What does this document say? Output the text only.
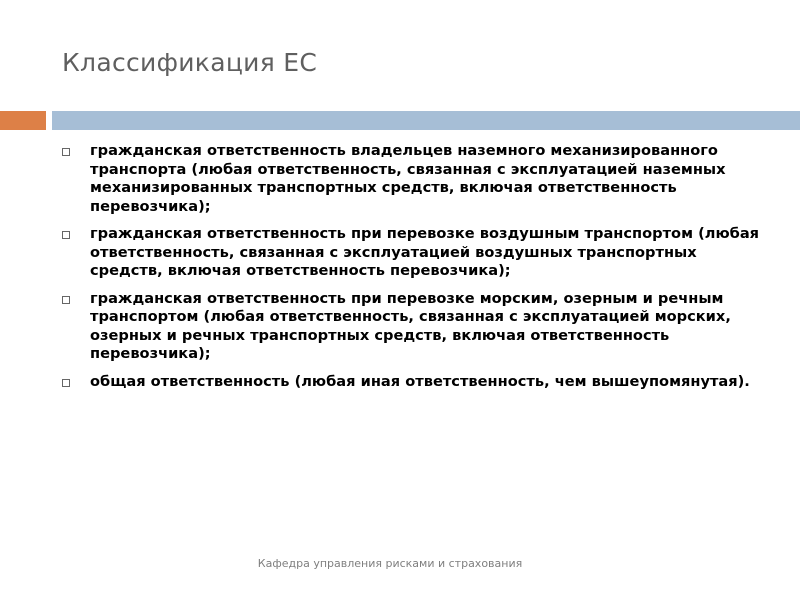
Классификация ЕС
гражданская ответственность владельцев наземного механизированного транспорта (любая ответственность, связанная с эксплуатацией наземных механизированных транспортных средств, включая ответственность перевозчика);
гражданская ответственность при перевозке воздушным транспортом (любая ответственность, связанная с эксплуатацией воздушных транспортных средств, включая ответственность перевозчика);
гражданская ответственность при перевозке морским, озерным и речным транспортом (любая ответственность, связанная с эксплуатацией морских, озерных и речных транспортных средств, включая ответственность перевозчика);
общая ответственность (любая иная ответственность, чем вышеупомянутая).
Кафедра управления рисками и страхования
